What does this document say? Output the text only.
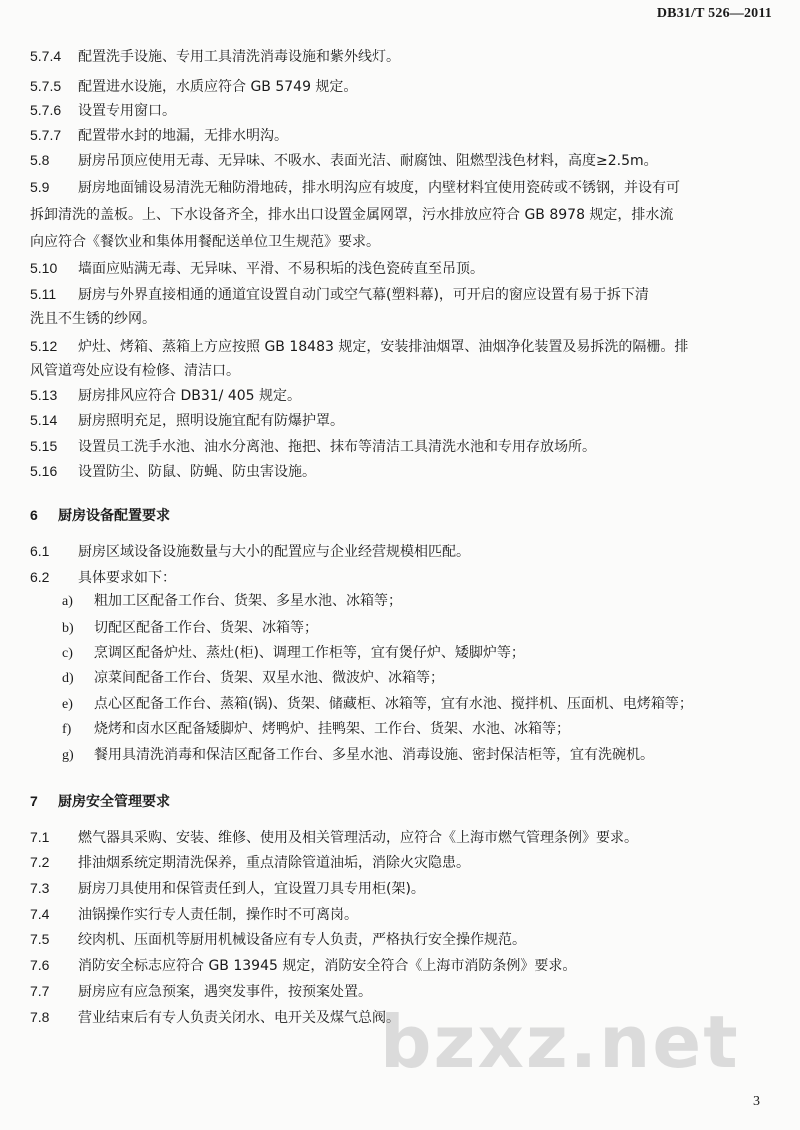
DB31/T 526—2011
5.7.4 配置洗手设施、专用工具清洗消毒设施和紫外线灯。
5.7.5 配置进水设施，水质应符合 GB 5749 规定。
5.7.6 设置专用窗口。
5.7.7 配置带水封的地漏，无排水明沟。
5.8 厨房吊顶应使用无毒、无异味、不吸水、表面光洁、耐腐蚀、阻燃型浅色材料，高度≥2.5m。
5.9 厨房地面铺设易清洗无釉防滑地砖，排水明沟应有坡度，内壁材料宜使用瓷砖或不锈钢，并设有可
拆卸清洗的盖板。上、下水设备齐全，排水出口设置金属网罩，污水排放应符合 GB 8978 规定，排水流
向应符合《餐饮业和集体用餐配送单位卫生规范》要求。
5.10 墙面应贴满无毒、无异味、平滑、不易积垢的浅色瓷砖直至吊顶。
5.11 厨房与外界直接相通的通道宜设置自动门或空气幕(塑料幕)，可开启的窗应设置有易于拆下清
洗且不生锈的纱网。
5.12 炉灶、烤箱、蒸箱上方应按照 GB 18483 规定，安装排油烟罩、油烟净化装置及易拆洗的隔栅。排
风管道弯处应设有检修、清洁口。
5.13 厨房排风应符合 DB31/ 405 规定。
5.14 厨房照明充足，照明设施宜配有防爆护罩。
5.15 设置员工洗手水池、油水分离池、拖把、抹布等清洁工具清洗水池和专用存放场所。
5.16 设置防尘、防鼠、防蝇、防虫害设施。
6 厨房设备配置要求
6.1 厨房区域设备设施数量与大小的配置应与企业经营规模相匹配。
6.2 具体要求如下：
a) 粗加工区配备工作台、货架、多星水池、冰箱等；
b) 切配区配备工作台、货架、冰箱等；
c) 烹调区配备炉灶、蒸灶(柜)、调理工作柜等，宜有煲仔炉、矮脚炉等；
d) 凉菜间配备工作台、货架、双星水池、微波炉、冰箱等；
e) 点心区配备工作台、蒸箱(锅)、货架、储藏柜、冰箱等，宜有水池、搅拌机、压面机、电烤箱等；
f) 烧烤和卤水区配备矮脚炉、烤鸭炉、挂鸭架、工作台、货架、水池、冰箱等；
g) 餐用具清洗消毒和保洁区配备工作台、多星水池、消毒设施、密封保洁柜等，宜有洗碗机。
7 厨房安全管理要求
7.1 燃气器具采购、安装、维修、使用及相关管理活动，应符合《上海市燃气管理条例》要求。
7.2 排油烟系统定期清洗保养，重点清除管道油垢，消除火灾隐患。
7.3 厨房刀具使用和保管责任到人，宜设置刀具专用柜(架)。
7.4 油锅操作实行专人责任制，操作时不可离岗。
7.5 绞肉机、压面机等厨用机械设备应有专人负责，严格执行安全操作规范。
7.6 消防安全标志应符合 GB 13945 规定，消防安全符合《上海市消防条例》要求。
7.7 厨房应有应急预案，遇突发事件，按预案处置。
7.8 营业结束后有专人负责关闭水、电开关及煤气总阀。
bzxz.net
3
